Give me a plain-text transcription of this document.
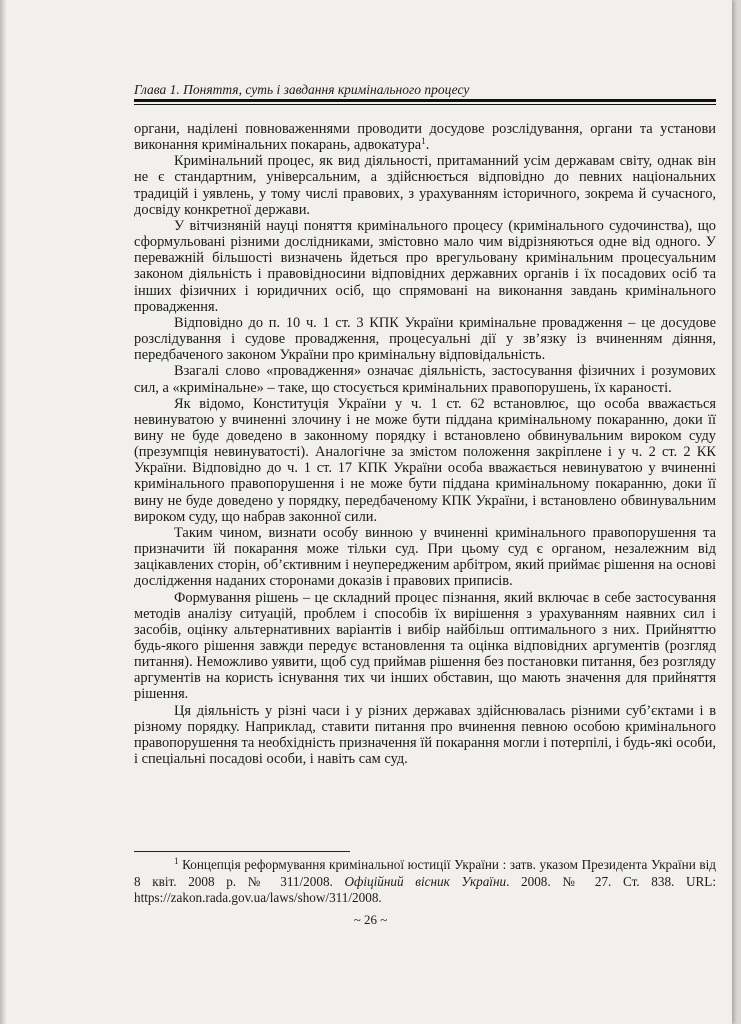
Глава 1. Поняття, суть і завдання кримінального процесу

органи, наділені повноваженнями проводити досудове розслідування, органи та установи виконання кримінальних покарань, адвокатура$^1$.

Кримінальний процес, як вид діяльності, притаманний усім державам світу, однак він не є стандартним, універсальним, а здійснюється відповідно до певних національних традицій і уявлень, у тому числі правових, з урахуванням історичного, зокрема й сучасного, досвіду конкретної держави.

У вітчизняній науці поняття кримінального процесу (кримінального судочинства), що сформульовані різними дослідниками, змістовно мало чим відрізняються одне від одного. У переважній більшості визначень йдеться про врегульовану кримінальним процесуальним законом діяльність і правовідносини відповідних державних органів і їх посадових осіб та інших фізичних і юридичних осіб, що спрямовані на виконання завдань кримінального провадження.

Відповідно до п. 10 ч. 1 ст. 3 КПК України кримінальне провадження – це досудове розслідування і судове провадження, процесуальні дії у зв’язку із вчиненням діяння, передбаченого законом України про кримінальну відповідальність.

Взагалі слово «провадження» означає діяльність, застосування фізичних і розумових сил, а «кримінальне» – таке, що стосується кримінальних правопорушень, їх караності.

Як відомо, Конституція України у ч. 1 ст. 62 встановлює, що особа вважається невинуватою у вчиненні злочину і не може бути піддана кримінальному покаранню, доки її вину не буде доведено в законному порядку і встановлено обвинувальним вироком суду (презумпція невинуватості). Аналогічне за змістом положення закріплене і у ч. 2 ст. 2 КК України. Відповідно до ч. 1 ст. 17 КПК України особа вважається невинуватою у вчиненні кримінального правопорушення і не може бути піддана кримінальному покаранню, доки її вину не буде доведено у порядку, передбаченому КПК України, і встановлено обвинувальним вироком суду, що набрав законної сили.

Таким чином, визнати особу винною у вчиненні кримінального правопорушення та призначити їй покарання може тільки суд. При цьому суд є органом, незалежним від зацікавлених сторін, об’єктивним і неупередженим арбітром, який приймає рішення на основі дослідження наданих сторонами доказів і правових приписів.

Формування рішень – це складний процес пізнання, який включає в себе застосування методів аналізу ситуацій, проблем і способів їх вирішення з урахуванням наявних сил і засобів, оцінку альтернативних варіантів і вибір найбільш оптимального з них. Прийняттю будь-якого рішення завжди передує встановлення та оцінка відповідних аргументів (розгляд питання). Неможливо уявити, щоб суд приймав рішення без постановки питання, без розгляду аргументів на користь існування тих чи інших обставин, що мають значення для прийняття рішення.

Ця діяльність у різні часи і у різних державах здійснювалась різними суб’єктами і в різному порядку. Наприклад, ставити питання про вчинення певною особою кримінального правопорушення та необхідність призначення їй покарання могли і потерпілі, і будь-які особи, і спеціальні посадові особи, і навіть сам суд.

$^1$ Концепція реформування кримінальної юстиції України : затв. указом Президента України від 8 квіт. 2008 р. № 311/2008. Офіційний вісник України. 2008. № 27. Ст. 838. URL: https://zakon.rada.gov.ua/laws/show/311/2008.
~ 26 ~
